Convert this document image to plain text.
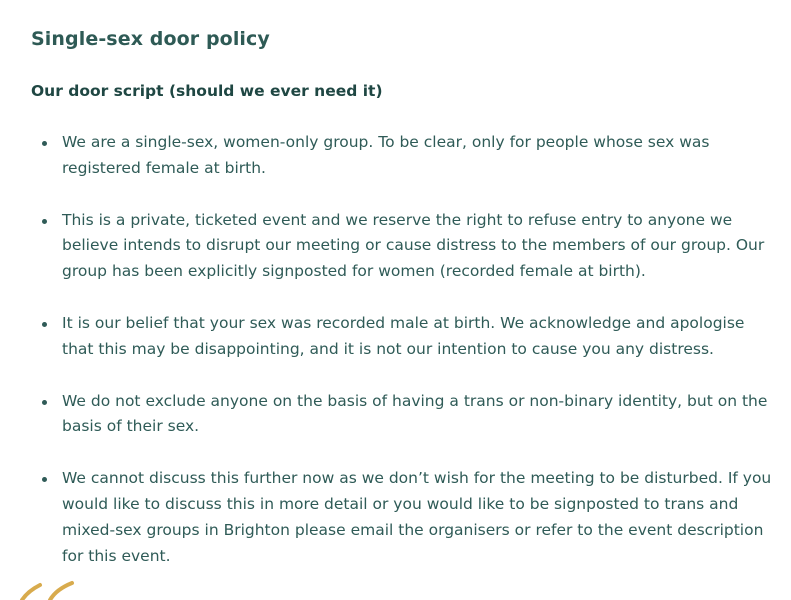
Single-sex door policy
Our door script (should we ever need it)
We are a single-sex, women-only group. To be clear, only for people whose sex was registered female at birth.
This is a private, ticketed event and we reserve the right to refuse entry to anyone we believe intends to disrupt our meeting or cause distress to the members of our group. Our group has been explicitly signposted for women (recorded female at birth).
It is our belief that your sex was recorded male at birth. We acknowledge and apologise that this may be disappointing, and it is not our intention to cause you any distress.
We do not exclude anyone on the basis of having a trans or non-binary identity, but on the basis of their sex.
We cannot discuss this further now as we don’t wish for the meeting to be disturbed. If you would like to discuss this in more detail or you would like to be signposted to trans and mixed-sex groups in Brighton please email the organisers or refer to the event description for this event.
